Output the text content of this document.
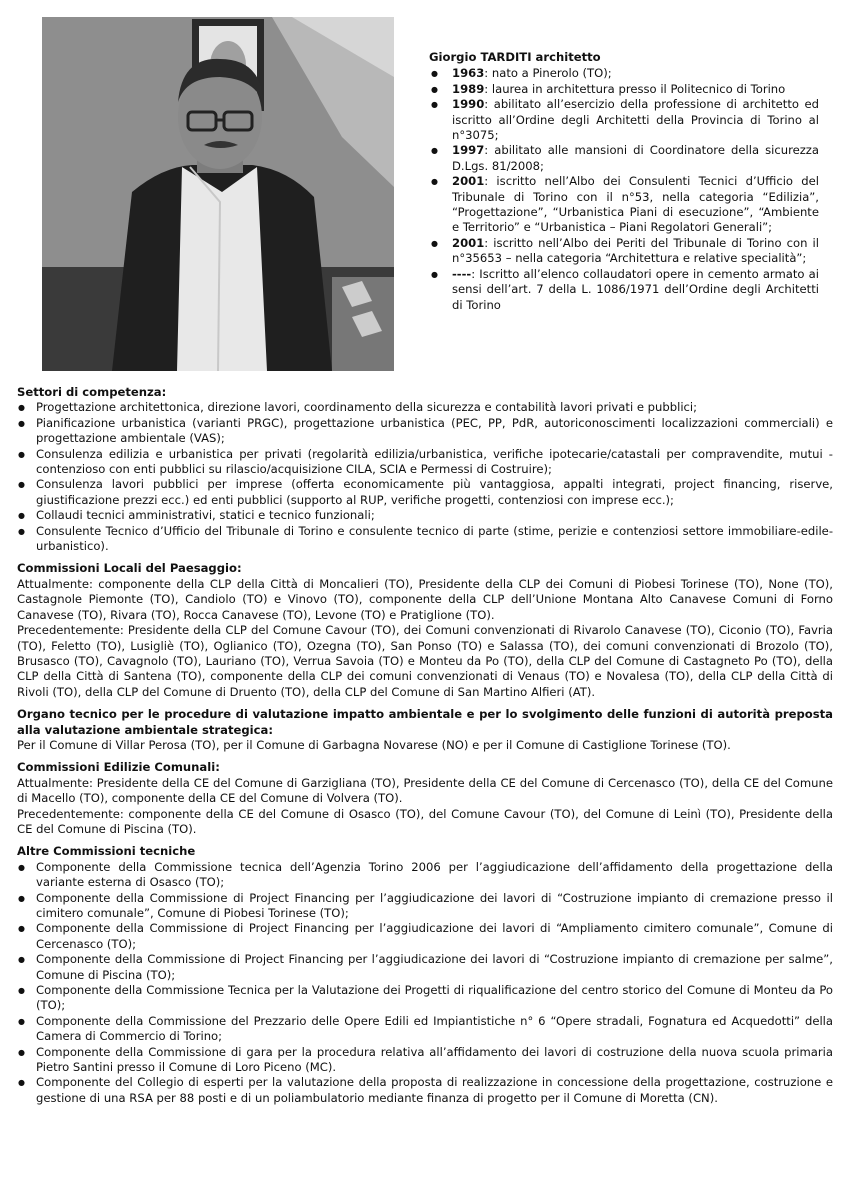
Giorgio TARDITI architetto
● 1963: nato a Pinerolo (TO);
● 1989: laurea in architettura presso il Politecnico di Torino
● 1990: abilitato all’esercizio della professione di architetto ed iscritto all’Ordine degli Architetti della Provincia di Torino al n°3075;
● 1997: abilitato alle mansioni di Coordinatore della sicurezza D.Lgs. 81/2008;
● 2001: iscritto nell’Albo dei Consulenti Tecnici d’Ufficio del Tribunale di Torino con il n°53, nella categoria “Edilizia”, “Progettazione”, “Urbanistica Piani di esecuzione”, “Ambiente e Territorio” e “Urbanistica – Piani Regolatori Generali”;
● 2001: iscritto nell’Albo dei Periti del Tribunale di Torino con il n°35653 – nella categoria “Architettura e relative specialità”;
● ----: Iscritto all’elenco collaudatori opere in cemento armato ai sensi dell’art. 7 della L. 1086/1971 dell’Ordine degli Architetti di Torino
Settori di competenza:
● Progettazione architettonica, direzione lavori, coordinamento della sicurezza e contabilità lavori privati e pubblici;
● Pianificazione urbanistica (varianti PRGC), progettazione urbanistica (PEC, PP, PdR, autoriconoscimenti localizzazioni commerciali) e progettazione ambientale (VAS);
● Consulenza edilizia e urbanistica per privati (regolarità edilizia/urbanistica, verifiche ipotecarie/catastali per compravendite, mutui - contenzioso con enti pubblici su rilascio/acquisizione CILA, SCIA e Permessi di Costruire);
● Consulenza lavori pubblici per imprese (offerta economicamente più vantaggiosa, appalti integrati, project financing, riserve, giustificazione prezzi ecc.) ed enti pubblici (supporto al RUP, verifiche progetti, contenziosi con imprese ecc.);
● Collaudi tecnici amministrativi, statici e tecnico funzionali;
● Consulente Tecnico d’Ufficio del Tribunale di Torino e consulente tecnico di parte (stime, perizie e contenziosi settore immobiliare-edile-urbanistico).
Commissioni Locali del Paesaggio:
Attualmente: componente della CLP della Città di Moncalieri (TO), Presidente della CLP dei Comuni di Piobesi Torinese (TO), None (TO), Castagnole Piemonte (TO), Candiolo (TO) e Vinovo (TO), componente della CLP dell’Unione Montana Alto Canavese Comuni di Forno Canavese (TO), Rivara (TO), Rocca Canavese (TO), Levone (TO) e Pratiglione (TO).
Precedentemente: Presidente della CLP del Comune Cavour (TO), dei Comuni convenzionati di Rivarolo Canavese (TO), Ciconio (TO), Favria (TO), Feletto (TO), Lusigliè (TO), Oglianico (TO), Ozegna (TO), San Ponso (TO) e Salassa (TO), dei comuni convenzionati di Brozolo (TO), Brusasco (TO), Cavagnolo (TO), Lauriano (TO), Verrua Savoia (TO) e Monteu da Po (TO), della CLP del Comune di Castagneto Po (TO), della CLP della Città di Santena (TO), componente della CLP dei comuni convenzionati di Venaus (TO) e Novalesa (TO), della CLP della Città di Rivoli (TO), della CLP del Comune di Druento (TO), della CLP del Comune di San Martino Alfieri (AT).
Organo tecnico per le procedure di valutazione impatto ambientale e per lo svolgimento delle funzioni di autorità preposta alla valutazione ambientale strategica:
Per il Comune di Villar Perosa (TO), per il Comune di Garbagna Novarese (NO) e per il Comune di Castiglione Torinese (TO).
Commissioni Edilizie Comunali:
Attualmente: Presidente della CE del Comune di Garzigliana (TO), Presidente della CE del Comune di Cercenasco (TO), della CE del Comune di Macello (TO), componente della CE del Comune di Volvera (TO).
Precedentemente: componente della CE del Comune di Osasco (TO), del Comune Cavour (TO), del Comune di Leinì (TO), Presidente della CE del Comune di Piscina (TO).
Altre Commissioni tecniche
● Componente della Commissione tecnica dell’Agenzia Torino 2006 per l’aggiudicazione dell’affidamento della progettazione della variante esterna di Osasco (TO);
● Componente della Commissione di Project Financing per l’aggiudicazione dei lavori di “Costruzione impianto di cremazione presso il cimitero comunale”, Comune di Piobesi Torinese (TO);
● Componente della Commissione di Project Financing per l’aggiudicazione dei lavori di “Ampliamento cimitero comunale”, Comune di Cercenasco (TO);
● Componente della Commissione di Project Financing per l’aggiudicazione dei lavori di “Costruzione impianto di cremazione per salme”, Comune di Piscina (TO);
● Componente della Commissione Tecnica per la Valutazione dei Progetti di riqualificazione del centro storico del Comune di Monteu da Po (TO);
● Componente della Commissione del Prezzario delle Opere Edili ed Impiantistiche n° 6 “Opere stradali, Fognatura ed Acquedotti” della Camera di Commercio di Torino;
● Componente della Commissione di gara per la procedura relativa all’affidamento dei lavori di costruzione della nuova scuola primaria Pietro Santini presso il Comune di Loro Piceno (MC).
● Componente del Collegio di esperti per la valutazione della proposta di realizzazione in concessione della progettazione, costruzione e gestione di una RSA per 88 posti e di un poliambulatorio mediante finanza di progetto per il Comune di Moretta (CN).
